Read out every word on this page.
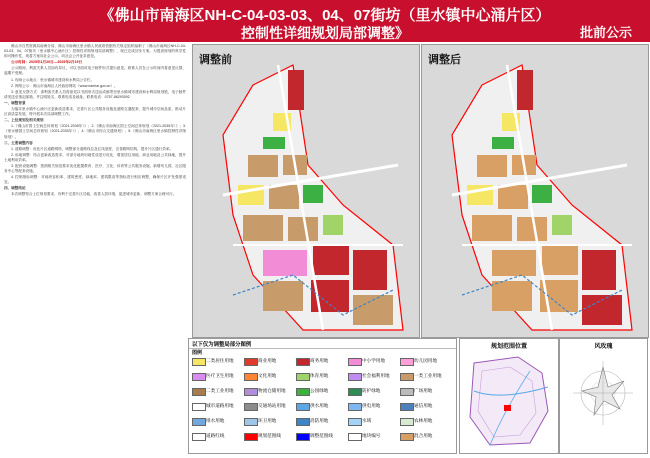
《佛山市南海区NH-C-04-03-03、04、07街坊（里水镇中心涌片区）
控制性详细规划局部调整》	批前公示

佛山市自然资源局南海分局、佛山市南海区里水镇人民政府依据有关规定组织编制了《佛山市南海区NH-C-04-03-03、04、07街坊（里水镇中心涌片区）控制性详细规划局部调整》，现已完成初步方案。为提高规划的科学性和可操作性，现将方案向社会公示，向社会公开征求意见。

公示时间：2025年1月20日—2025年2月19日

公示期间，利害关系人员如有异议，可以书面或电子邮件形式提出意见。联系人员在公示时间内将意见反馈，逾期不受理。

1. 现场公示地点：里水镇城市建设和水利局公告栏。

2. 网络公示：佛山市南海区人民政府网站（www.nanhai.gov.cn）。

3. 意见反馈方式：请利害关系人员将意见以书面形式送达或邮寄至里水镇城市建设和水利局规划股，电子邮件请发送至指定邮箱，并注明姓名、联系电话及地址。联系电话：0757-86293092

一、调整背景

为落实里水镇中心涌片区更新改造要求，完善片区公共服务设施及道路交通配套，提升城市空间品质，推动片区高质量发展，特开展本次局部调整工作。

二、上位规划及相关规划

1.《佛山市国土空间总体规划（2021-2035年）》；2.《佛山市南海区国土空间总体规划（2021-2035年）》；3.《里水镇国土空间总体规划（2021-2035年）》；4.《佛山市综合交通规划》；5.《佛山市南海区里水镇控制性详细规划》。

三、主要调整内容

1. 道路调整：优化片区道路网络，调整部分道路线位及红线宽度，完善路网结构，提升片区通行效率。

2. 用地调整：结合更新改造需求，对部分地块用地性质进行优化，增加居住用地、商业用地及公共绿地，提升土地利用效率。

3. 配套设施调整：按照相关规范要求优化配置教育、医疗、文化、体育等公共服务设施，新增幼儿园、社区服务中心等配套设施。

4. 控制指标调整：对地块容积率、建筑密度、绿地率、建筑限高等指标进行相应调整，确保片区开发强度适宜。

四、调整结论

本次调整符合上位规划要求，有利于完善片区功能，改善人居环境，促进城市更新，调整方案合理可行。

调整前	调整后
以下仅为调整局部分图例
图例
二类居住用地	商业用地	商务用地	中小学用地	幼儿园用地
医疗卫生用地	文化用地	体育用地	社会福利用地	一类工业用地
二类工业用地	物流仓储用地	公园绿地	防护绿地	广场用地
城市道路用地	交通场站用地	供水用地	供电用地	通信用地
排水用地	环卫用地	消防用地	水域	农林用地
道路红线	规划范围线	调整范围线	地块编号	混合用地
规划范围位置	风玫瑰
